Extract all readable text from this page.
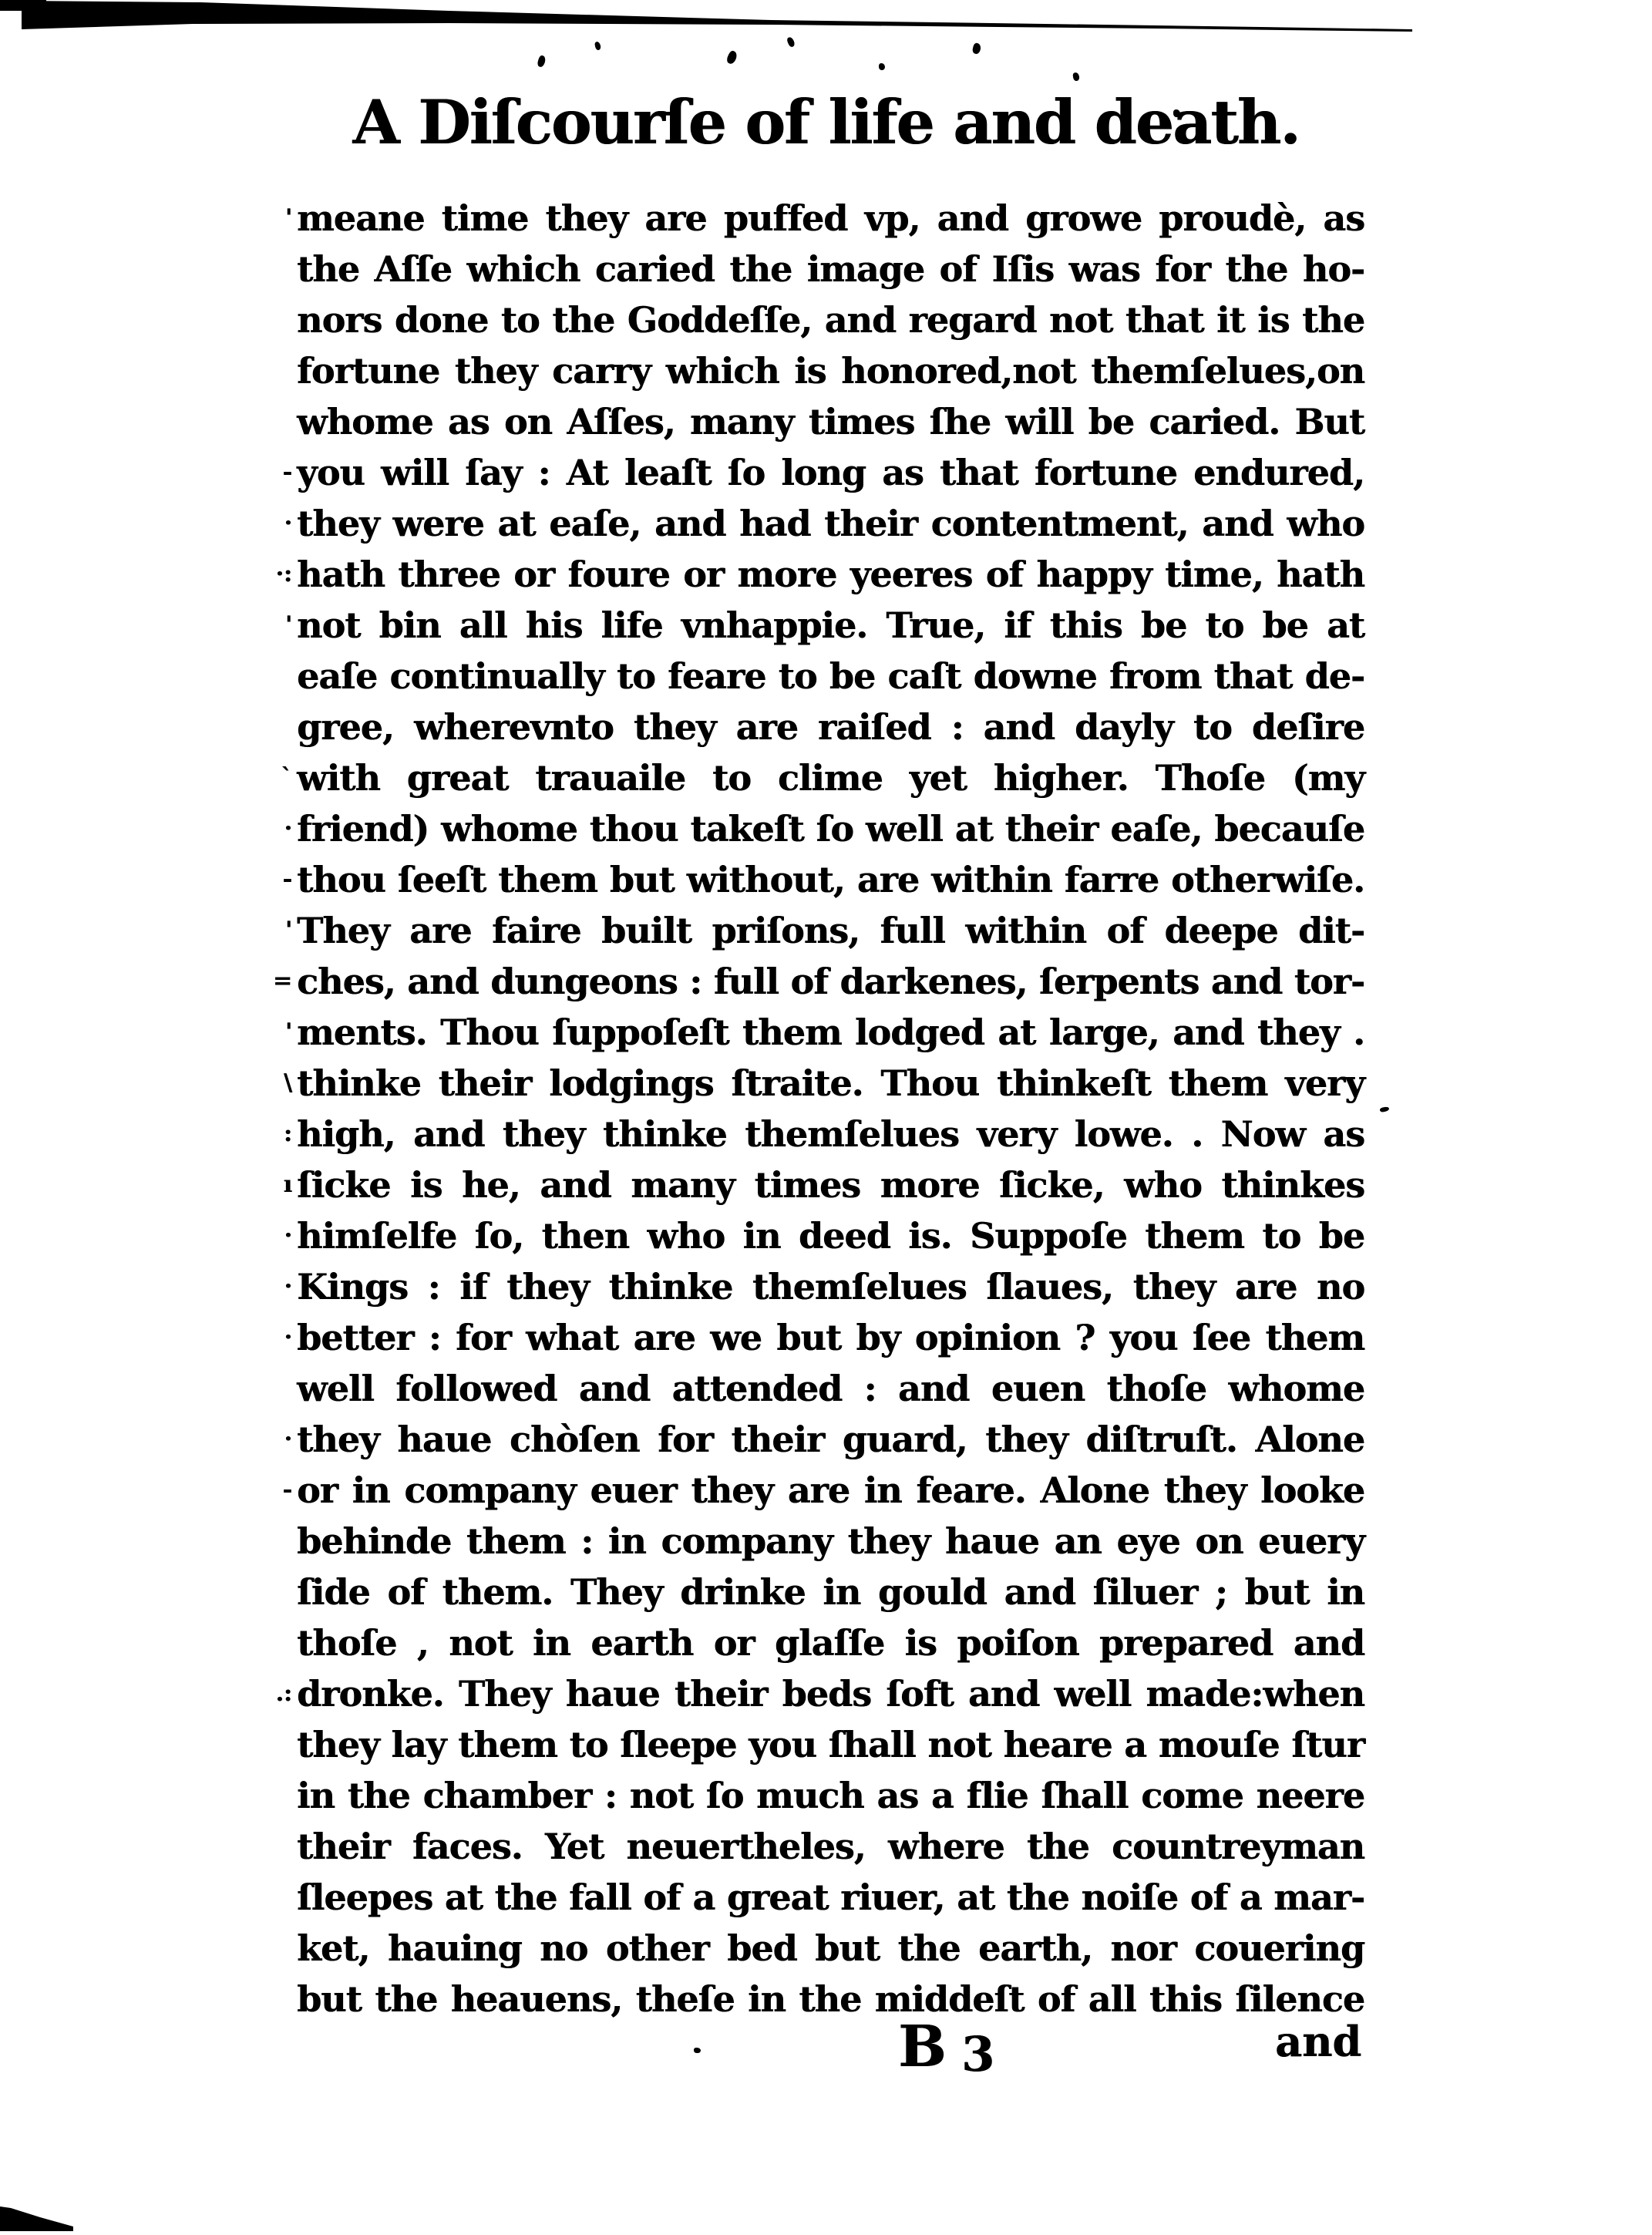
A Diſcourſe of life and death.
' meane time they are puffed vp, and growe proudè, as
the Aſſe which caried the image of Iſis was for the ho-
nors done to the Goddeſſe, and regard not that it is the
fortune they carry which is honored,not themſelues,on
whome as on Aſſes, many times ſhe will be caried. But
- you will ſay : At leaſt ſo long as that fortune endured,
· they were at eaſe, and had their contentment, and who
·: hath three or foure or more yeeres of happy time, hath
' not bin all his life vnhappie. True, if this be to be at
eaſe continually to feare to be caſt downe from that de-
gree, wherevnto they are raiſed : and dayly to deſire
` with great trauaile to clime yet higher. Thoſe (my
· friend) whome thou takeſt ſo well at their eaſe, becauſe
- thou ſeeſt them but without, are within farre otherwiſe.
' They are faire built priſons, full within of deepe dit-
= ches, and dungeons : full of darkenes, ſerpents and tor-
' ments. Thou ſuppoſeſt them lodged at large, and they .
\ thinke their lodgings ſtraite. Thou thinkeſt them very
: high, and they thinke themſelues very lowe. . Now as
ı ſicke is he, and many times more ſicke, who thinkes
· himſelfe ſo, then who in deed is. Suppoſe them to be
· Kings : if they thinke themſelues ſlaues, they are no
· better : for what are we but by opinion ? you ſee them
well followed and attended : and euen thoſe whome
· they haue chòſen for their guard, they diſtruſt. Alone
- or in company euer they are in feare. Alone they looke
behinde them : in company they haue an eye on euery
ſide of them. They drinke in gould and ſiluer ; but in
thoſe , not in earth or glaſſe is poiſon prepared and
.: dronke. They haue their beds ſoft and well made:when
they lay them to ſleepe you ſhall not heare a mouſe ſtur
in the chamber : not ſo much as a flie ſhall come neere
their faces. Yet neuertheles, where the countreyman
ſleepes at the fall of a great riuer, at the noiſe of a mar-
ket, hauing no other bed but the earth, nor couering
but the heauens, theſe in the middeſt of all this ſilence
B 3	and
